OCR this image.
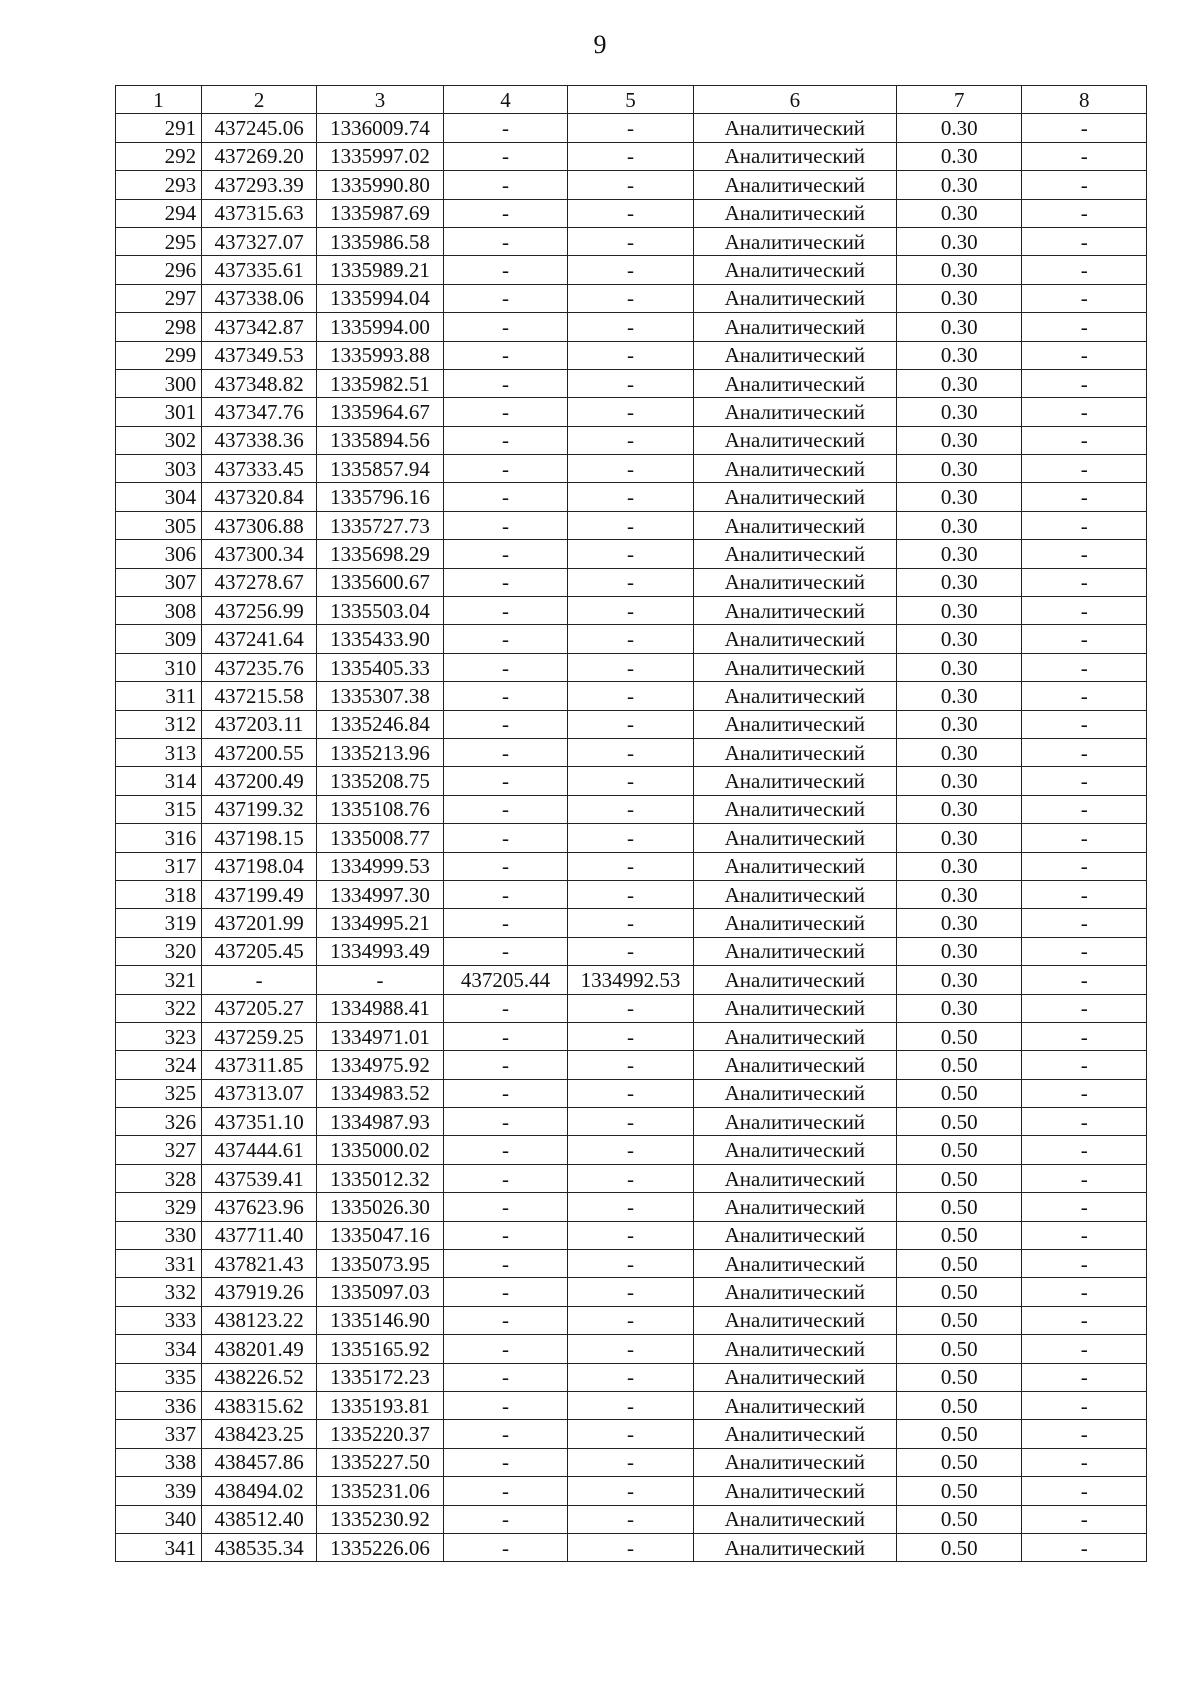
9
1	2	3	4	5	6	7	8
291	437245.06	1336009.74	-	-	Аналитический	0.30	-
292	437269.20	1335997.02	-	-	Аналитический	0.30	-
293	437293.39	1335990.80	-	-	Аналитический	0.30	-
294	437315.63	1335987.69	-	-	Аналитический	0.30	-
295	437327.07	1335986.58	-	-	Аналитический	0.30	-
296	437335.61	1335989.21	-	-	Аналитический	0.30	-
297	437338.06	1335994.04	-	-	Аналитический	0.30	-
298	437342.87	1335994.00	-	-	Аналитический	0.30	-
299	437349.53	1335993.88	-	-	Аналитический	0.30	-
300	437348.82	1335982.51	-	-	Аналитический	0.30	-
301	437347.76	1335964.67	-	-	Аналитический	0.30	-
302	437338.36	1335894.56	-	-	Аналитический	0.30	-
303	437333.45	1335857.94	-	-	Аналитический	0.30	-
304	437320.84	1335796.16	-	-	Аналитический	0.30	-
305	437306.88	1335727.73	-	-	Аналитический	0.30	-
306	437300.34	1335698.29	-	-	Аналитический	0.30	-
307	437278.67	1335600.67	-	-	Аналитический	0.30	-
308	437256.99	1335503.04	-	-	Аналитический	0.30	-
309	437241.64	1335433.90	-	-	Аналитический	0.30	-
310	437235.76	1335405.33	-	-	Аналитический	0.30	-
311	437215.58	1335307.38	-	-	Аналитический	0.30	-
312	437203.11	1335246.84	-	-	Аналитический	0.30	-
313	437200.55	1335213.96	-	-	Аналитический	0.30	-
314	437200.49	1335208.75	-	-	Аналитический	0.30	-
315	437199.32	1335108.76	-	-	Аналитический	0.30	-
316	437198.15	1335008.77	-	-	Аналитический	0.30	-
317	437198.04	1334999.53	-	-	Аналитический	0.30	-
318	437199.49	1334997.30	-	-	Аналитический	0.30	-
319	437201.99	1334995.21	-	-	Аналитический	0.30	-
320	437205.45	1334993.49	-	-	Аналитический	0.30	-
321	-	-	437205.44	1334992.53	Аналитический	0.30	-
322	437205.27	1334988.41	-	-	Аналитический	0.30	-
323	437259.25	1334971.01	-	-	Аналитический	0.50	-
324	437311.85	1334975.92	-	-	Аналитический	0.50	-
325	437313.07	1334983.52	-	-	Аналитический	0.50	-
326	437351.10	1334987.93	-	-	Аналитический	0.50	-
327	437444.61	1335000.02	-	-	Аналитический	0.50	-
328	437539.41	1335012.32	-	-	Аналитический	0.50	-
329	437623.96	1335026.30	-	-	Аналитический	0.50	-
330	437711.40	1335047.16	-	-	Аналитический	0.50	-
331	437821.43	1335073.95	-	-	Аналитический	0.50	-
332	437919.26	1335097.03	-	-	Аналитический	0.50	-
333	438123.22	1335146.90	-	-	Аналитический	0.50	-
334	438201.49	1335165.92	-	-	Аналитический	0.50	-
335	438226.52	1335172.23	-	-	Аналитический	0.50	-
336	438315.62	1335193.81	-	-	Аналитический	0.50	-
337	438423.25	1335220.37	-	-	Аналитический	0.50	-
338	438457.86	1335227.50	-	-	Аналитический	0.50	-
339	438494.02	1335231.06	-	-	Аналитический	0.50	-
340	438512.40	1335230.92	-	-	Аналитический	0.50	-
341	438535.34	1335226.06	-	-	Аналитический	0.50	-
